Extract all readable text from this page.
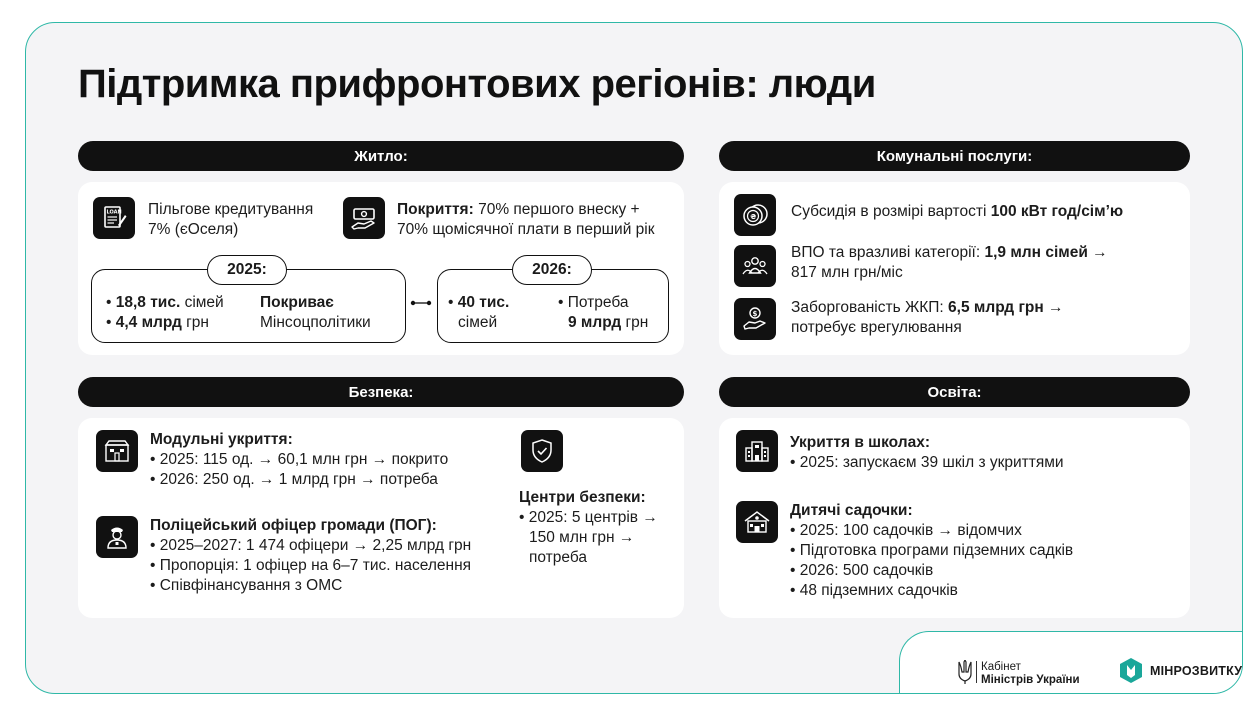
Підтримка прифронтових регіонів: люди
Житло:
LOAN Пільгове кредитування
7% (єОселя)
Покриття: 70% першого внеску +
70% щомісячної плати в перший рік
• 18,8 тис. сімей
• 4,4 млрд грн
Покриває
Мінсоцполітики
2025:
• 40 тис.
сімей
• Потреба
9 млрд грн
2026:
Комунальні послуги:
₴ Субсидія в розмірі вартості 100 кВт год/сім’ю
ВПО та вразливі категорії: 1,9 млн сімей →
817 млн грн/міс
$ Заборгованість ЖКП: 6,5 млрд грн →
потребує врегулювання
Безпека:
Модульні укриття:
• 2025: 115 од. → 60,1 млн грн → покрито
• 2026: 250 од. → 1 млрд грн → потреба
Поліцейський офіцер громади (ПОГ):
• 2025–2027: 1 474 офіцери → 2,25 млрд грн
• Пропорція: 1 офіцер на 6–7 тис. населення
• Співфінансування з ОМС
Центри безпеки:
• 2025: 5 центрів →
150 млн грн →
потреба
Освіта:
Укриття в школах:
• 2025: запускаєм 39 шкіл з укриттями
Дитячі садочки:
• 2025: 100 садочків → відомчих
• Підготовка програми підземних садків
• 2026: 500 садочків
• 48 підземних садочків
Кабінет
Міністрів України
МІНРОЗВИТКУ
